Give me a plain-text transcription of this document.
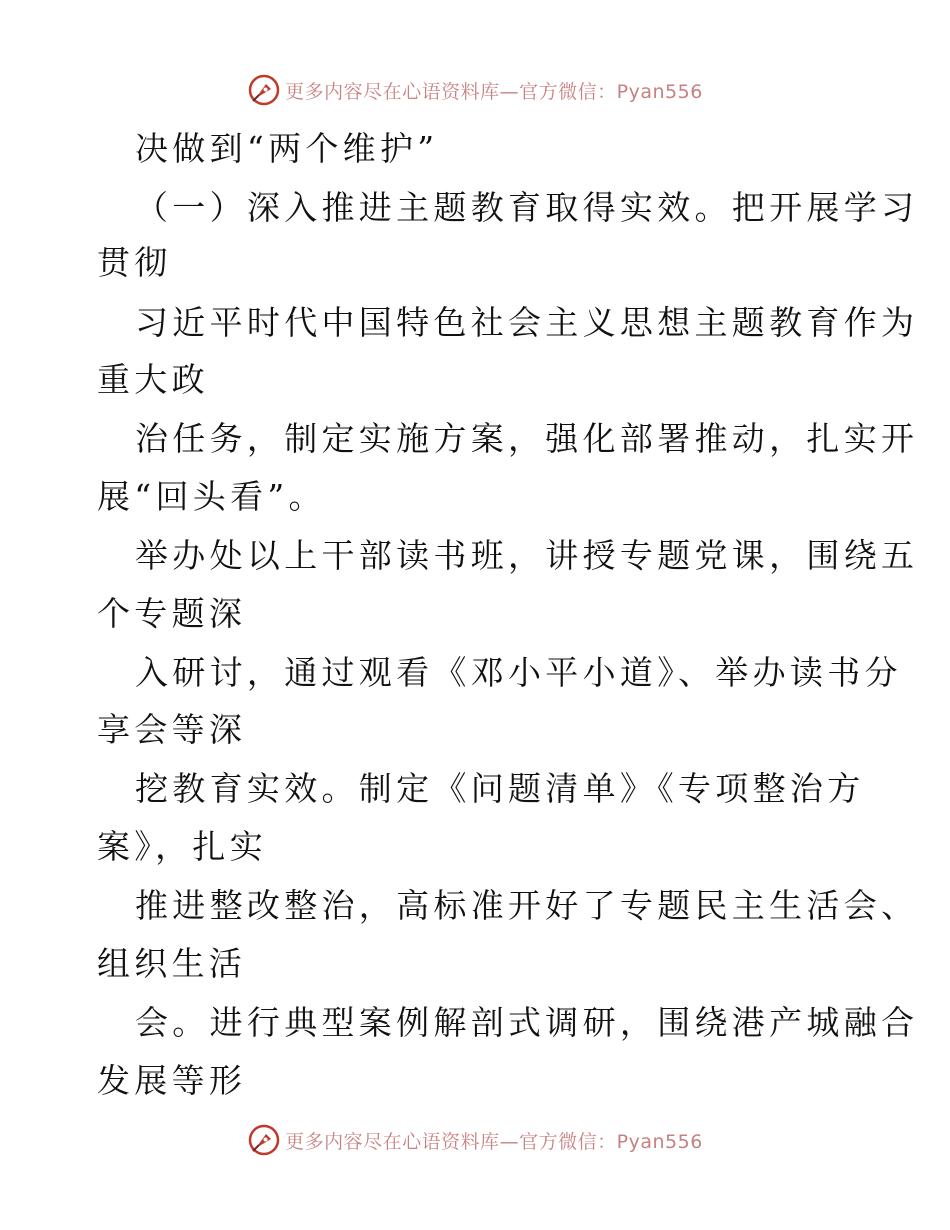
更多内容尽在心语资料库—官方微信：Pyan556
决做到“两个维护”
（一）深入推进主题教育取得实效。把开展学习
贯彻
习近平时代中国特色社会主义思想主题教育作为
重大政
治任务，制定实施方案，强化部署推动，扎实开
展“回头看”。
举办处以上干部读书班，讲授专题党课，围绕五
个专题深
入研讨，通过观看《邓小平小道》、举办读书分
享会等深
挖教育实效。制定《问题清单》《专项整治方
案》，扎实
推进整改整治，高标准开好了专题民主生活会、
组织生活
会。进行典型案例解剖式调研，围绕港产城融合
发展等形
更多内容尽在心语资料库—官方微信：Pyan556
